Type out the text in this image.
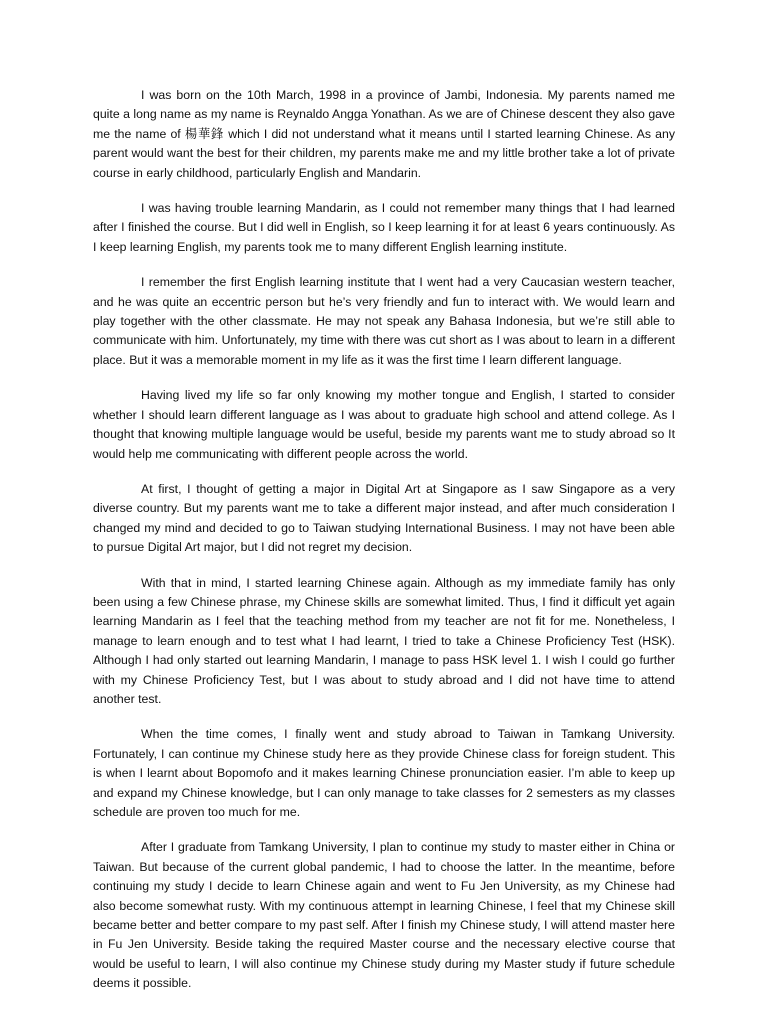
I was born on the 10th March, 1998 in a province of Jambi, Indonesia. My parents named me quite a long name as my name is Reynaldo Angga Yonathan. As we are of Chinese descent they also gave me the name of 楊華鋒 which I did not understand what it means until I started learning Chinese. As any parent would want the best for their children, my parents make me and my little brother take a lot of private course in early childhood, particularly English and Mandarin.

I was having trouble learning Mandarin, as I could not remember many things that I had learned after I finished the course. But I did well in English, so I keep learning it for at least 6 years continuously. As I keep learning English, my parents took me to many different English learning institute.

I remember the first English learning institute that I went had a very Caucasian western teacher, and he was quite an eccentric person but he’s very friendly and fun to interact with. We would learn and play together with the other classmate. He may not speak any Bahasa Indonesia, but we’re still able to communicate with him. Unfortunately, my time with there was cut short as I was about to learn in a different place. But it was a memorable moment in my life as it was the first time I learn different language.

Having lived my life so far only knowing my mother tongue and English, I started to consider whether I should learn different language as I was about to graduate high school and attend college. As I thought that knowing multiple language would be useful, beside my parents want me to study abroad so It would help me communicating with different people across the world.

At first, I thought of getting a major in Digital Art at Singapore as I saw Singapore as a very diverse country. But my parents want me to take a different major instead, and after much consideration I changed my mind and decided to go to Taiwan studying International Business. I may not have been able to pursue Digital Art major, but I did not regret my decision.

With that in mind, I started learning Chinese again. Although as my immediate family has only been using a few Chinese phrase, my Chinese skills are somewhat limited. Thus, I find it difficult yet again learning Mandarin as I feel that the teaching method from my teacher are not fit for me. Nonetheless, I manage to learn enough and to test what I had learnt, I tried to take a Chinese Proficiency Test (HSK). Although I had only started out learning Mandarin, I manage to pass HSK level 1. I wish I could go further with my Chinese Proficiency Test, but I was about to study abroad and I did not have time to attend another test.

When the time comes, I finally went and study abroad to Taiwan in Tamkang University. Fortunately, I can continue my Chinese study here as they provide Chinese class for foreign student. This is when I learnt about Bopomofo and it makes learning Chinese pronunciation easier. I’m able to keep up and expand my Chinese knowledge, but I can only manage to take classes for 2 semesters as my classes schedule are proven too much for me.

After I graduate from Tamkang University, I plan to continue my study to master either in China or Taiwan. But because of the current global pandemic, I had to choose the latter. In the meantime, before continuing my study I decide to learn Chinese again and went to Fu Jen University, as my Chinese had also become somewhat rusty. With my continuous attempt in learning Chinese, I feel that my Chinese skill became better and better compare to my past self. After I finish my Chinese study, I will attend master here in Fu Jen University. Beside taking the required Master course and the necessary elective course that would be useful to learn, I will also continue my Chinese study during my Master study if future schedule deems it possible.
